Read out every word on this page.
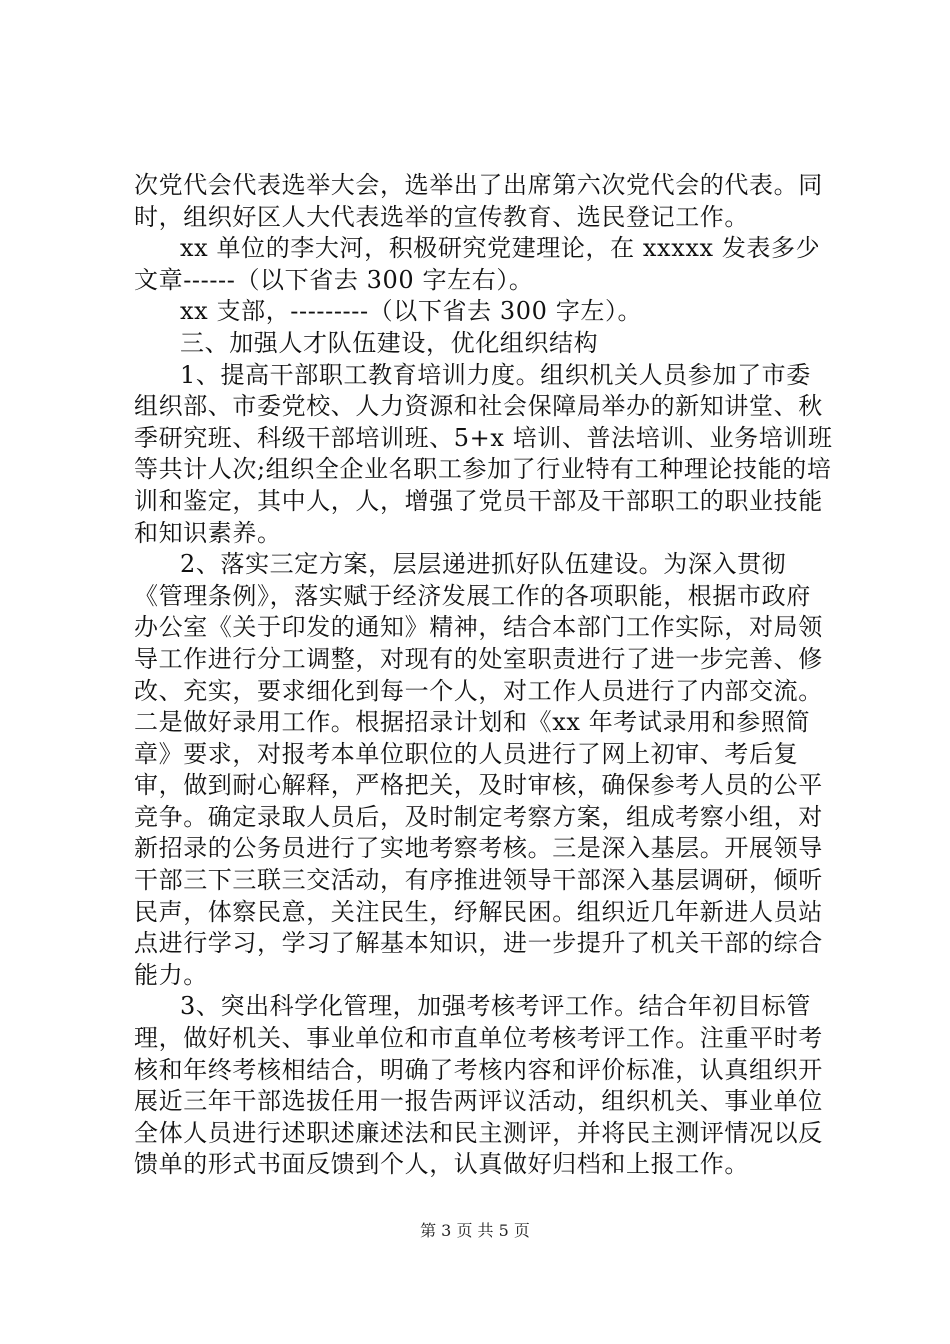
次党代会代表选举大会，选举出了出席第六次党代会的代表。同时，组织好区人大代表选举的宣传教育、选民登记工作。

xx 单位的李大河，积极研究党建理论，在 xxxxx 发表多少文章------（以下省去 300 字左右）。

xx 支部，---------（以下省去 300 字左）。

三、加强人才队伍建设，优化组织结构

1、提高干部职工教育培训力度。组织机关人员参加了市委组织部、市委党校、人力资源和社会保障局举办的新知讲堂、秋季研究班、科级干部培训班、5+x 培训、普法培训、业务培训班等共计人次;组织全企业名职工参加了行业特有工种理论技能的培训和鉴定，其中人，人，增强了党员干部及干部职工的职业技能和知识素养。

2、落实三定方案，层层递进抓好队伍建设。为深入贯彻《管理条例》，落实赋于经济发展工作的各项职能，根据市政府办公室《关于印发的通知》精神，结合本部门工作实际，对局领导工作进行分工调整，对现有的处室职责进行了进一步完善、修改、充实，要求细化到每一个人，对工作人员进行了内部交流。二是做好录用工作。根据招录计划和《xx 年考试录用和参照简章》要求，对报考本单位职位的人员进行了网上初审、考后复审，做到耐心解释，严格把关，及时审核，确保参考人员的公平竞争。确定录取人员后，及时制定考察方案，组成考察小组，对新招录的公务员进行了实地考察考核。三是深入基层。开展领导干部三下三联三交活动，有序推进领导干部深入基层调研，倾听民声，体察民意，关注民生，纾解民困。组织近几年新进人员站点进行学习，学习了解基本知识，进一步提升了机关干部的综合能力。

3、突出科学化管理，加强考核考评工作。结合年初目标管理，做好机关、事业单位和市直单位考核考评工作。注重平时考核和年终考核相结合，明确了考核内容和评价标准，认真组织开展近三年干部选拔任用一报告两评议活动，组织机关、事业单位全体人员进行述职述廉述法和民主测评，并将民主测评情况以反馈单的形式书面反馈到个人，认真做好归档和上报工作。

第 3 页 共 5 页
